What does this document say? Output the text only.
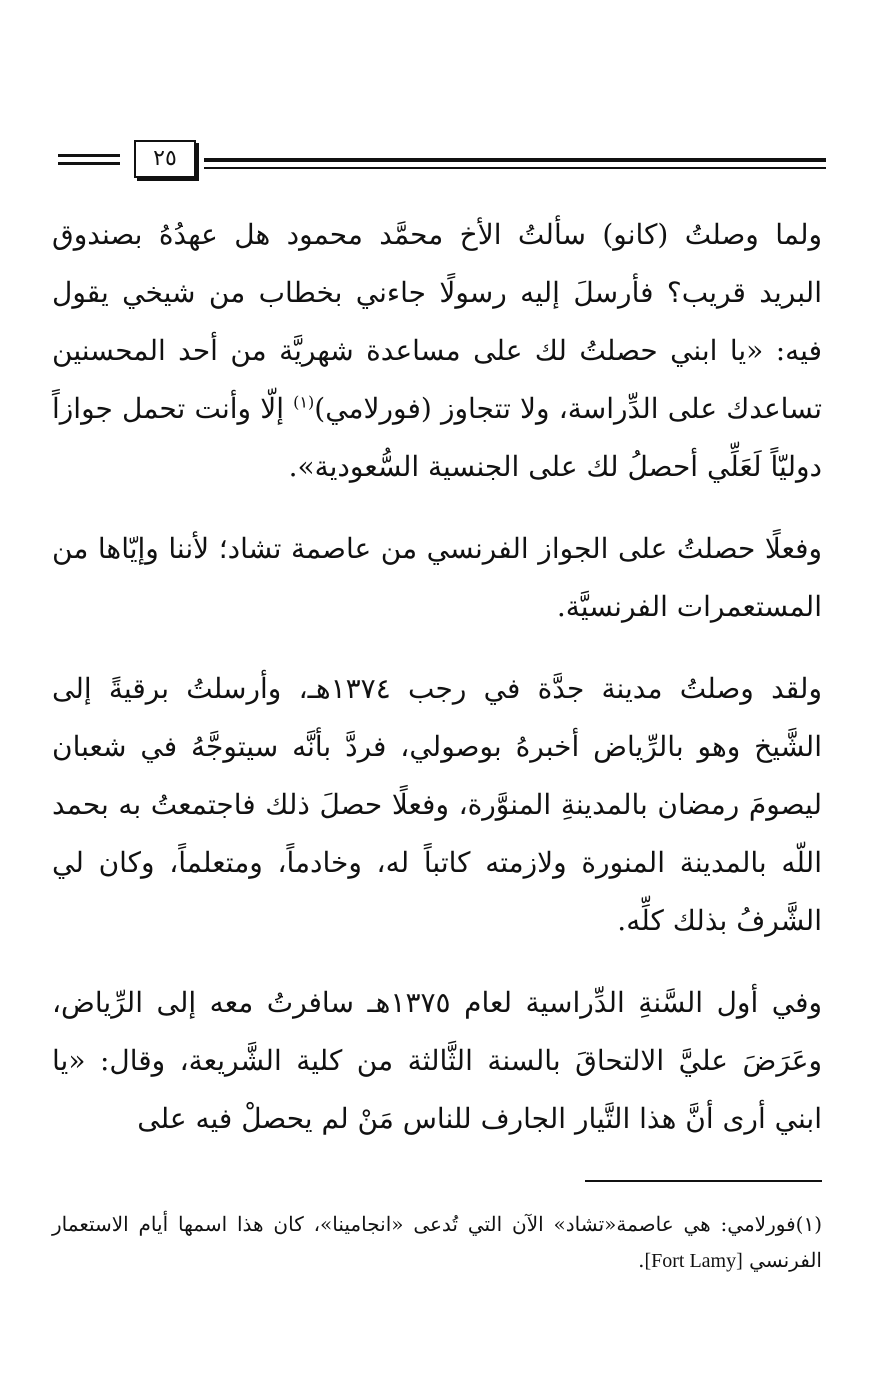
٢٥

ولما وصلتُ (كانو) سألتُ الأخ محمَّد محمود هل عهدُهُ بصندوق البريد قريب؟ فأرسلَ إليه رسولًا جاءني بخطاب من شيخي يقول فيه: «يا ابني حصلتُ لك على مساعدة شهريَّة من أحد المحسنين تساعدك على الدِّراسة، ولا تتجاوز (فورلامي)$^{(١)}$ إلّا وأنت تحمل جوازاً دوليّاً لَعَلِّي أحصلُ لك على الجنسية السُّعودية».

وفعلًا حصلتُ على الجواز الفرنسي من عاصمة تشاد؛ لأننا وإيّاها من المستعمرات الفرنسيَّة.

ولقد وصلتُ مدينة جدَّة في رجب ١٣٧٤هـ، وأرسلتُ برقيةً إلى الشَّيخ وهو بالرِّياض أخبرهُ بوصولي، فردَّ بأنَّه سيتوجَّهُ في شعبان ليصومَ رمضان بالمدينةِ المنوَّرة، وفعلًا حصلَ ذلك فاجتمعتُ به بحمد اللّه بالمدينة المنورة ولازمته كاتباً له، وخادماً، ومتعلماً، وكان لي الشَّرفُ بذلك كلِّه.

وفي أول السَّنةِ الدِّراسية لعام ١٣٧٥هـ سافرتُ معه إلى الرِّياض، وعَرَضَ عليَّ الالتحاقَ بالسنة الثَّالثة من كلية الشَّريعة، وقال: «يا ابني أرى أنَّ هذا التَّيار الجارف للناس مَنْ لم يحصلْ فيه على

(١)فورلامي: هي عاصمة«تشاد» الآن التي تُدعى «انجامينا»، كان هذا اسمها أيام الاستعمار الفرنسي [Fort Lamy].
